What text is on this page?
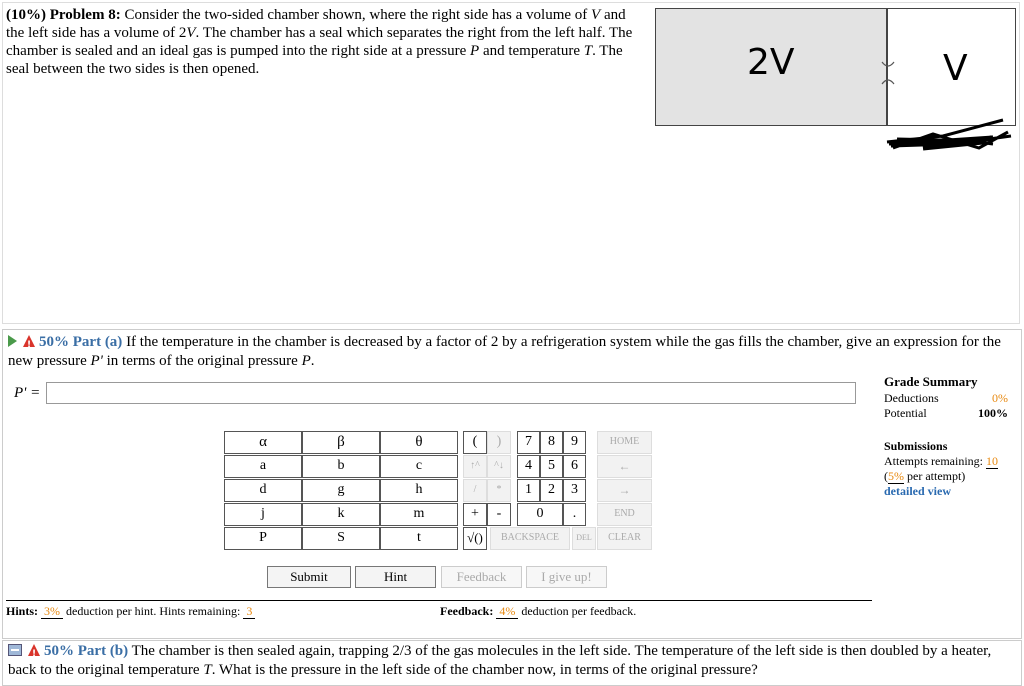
(10%) Problem 8: Consider the two-sided chamber shown, where the right side has a volume of V and the left side has a volume of 2V. The chamber has a seal which separates the right from the left half. The chamber is sealed and an ideal gas is pumped into the right side at a pressure P and temperature T. The seal between the two sides is then opened.	2V	V
!50% Part (a) If the temperature in the chamber is decreased by a factor of 2 by a refrigeration system while the gas fills the chamber, give an expression for the new pressure P' in terms of the original pressure P.
P' =
α	β	θ
a	b	c
d	g	h
j	k	m
P	S	t
(	)	7	8	9	HOME
↑^	^↓	4	5	6	←
/	*	1	2	3	→
+	-	0	.	END
√()	BACKSPACE	DEL	CLEAR
Submit	Hint	Feedback	I give up!
Grade Summary
Deductions	0%
Potential	100%
Submissions
Attempts remaining: 10
(5% per attempt)
detailed view
Hints: 3% deduction per hint. Hints remaining: 3	Feedback: 4% deduction per feedback.
!50% Part (b) The chamber is then sealed again, trapping 2/3 of the gas molecules in the left side. The temperature of the left side is then doubled by a heater, back to the original temperature T. What is the pressure in the left side of the chamber now, in terms of the original pressure?
